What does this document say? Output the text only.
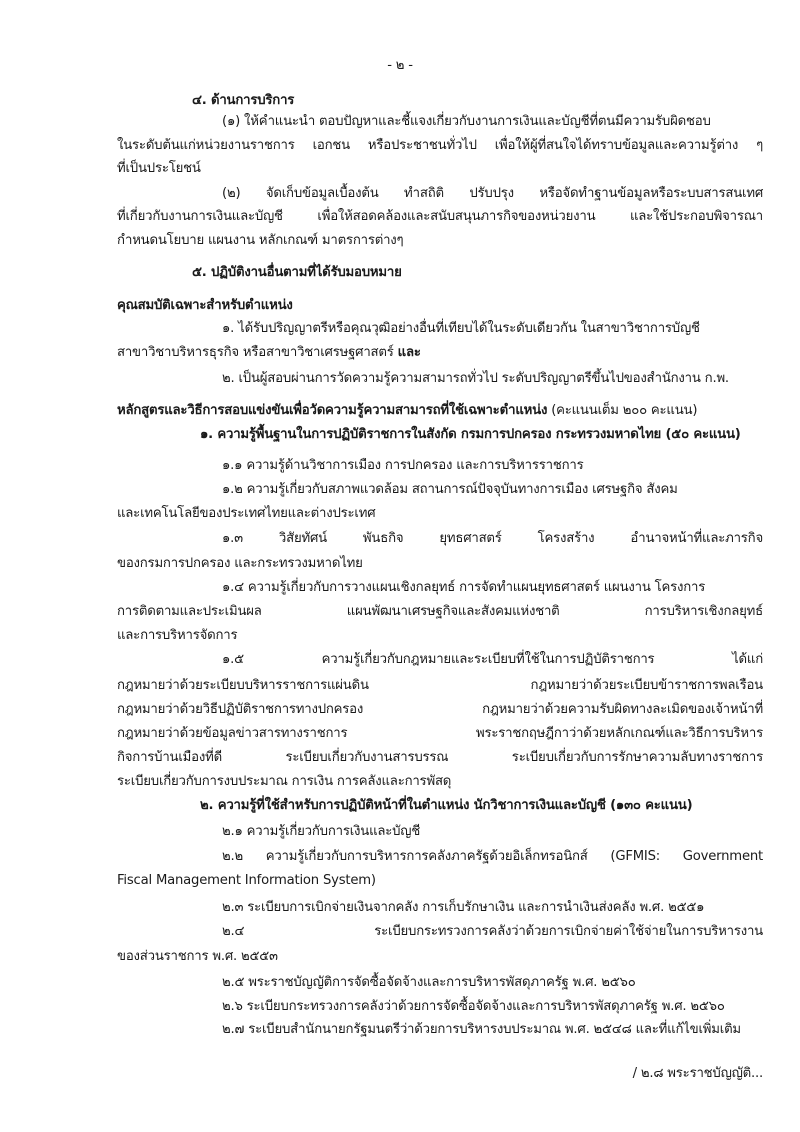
- ๒ -
๔. ด้านการบริการ
(๑) ให้คำแนะนำ ตอบปัญหาและชี้แจงเกี่ยวกับงานการเงินและบัญชีที่ตนมีความรับผิดชอบ
ในระดับต้นแก่หน่วยงานราชการ เอกชน หรือประชาชนทั่วไป เพื่อให้ผู้ที่สนใจได้ทราบข้อมูลและความรู้ต่าง ๆ
ที่เป็นประโยชน์
(๒) จัดเก็บข้อมูลเบื้องต้น ทำสถิติ ปรับปรุง หรือจัดทำฐานข้อมูลหรือระบบสารสนเทศ
ที่เกี่ยวกับงานการเงินและบัญชี เพื่อให้สอดคล้องและสนับสนุนภารกิจของหน่วยงาน และใช้ประกอบพิจารณา
กำหนดนโยบาย แผนงาน หลักเกณฑ์ มาตรการต่างๆ
๕. ปฏิบัติงานอื่นตามที่ได้รับมอบหมาย
คุณสมบัติเฉพาะสำหรับตำแหน่ง
๑. ได้รับปริญญาตรีหรือคุณวุฒิอย่างอื่นที่เทียบได้ในระดับเดียวกัน ในสาขาวิชาการบัญชี
สาขาวิชาบริหารธุรกิจ หรือสาขาวิชาเศรษฐศาสตร์ และ
๒. เป็นผู้สอบผ่านการวัดความรู้ความสามารถทั่วไป ระดับปริญญาตรีขึ้นไปของสำนักงาน ก.พ.
หลักสูตรและวิธีการสอบแข่งขันเพื่อวัดความรู้ความสามารถที่ใช้เฉพาะตำแหน่ง (คะแนนเต็ม ๒๐๐ คะแนน)
๑. ความรู้พื้นฐานในการปฏิบัติราชการในสังกัด กรมการปกครอง กระทรวงมหาดไทย (๕๐ คะแนน)
๑.๑ ความรู้ด้านวิชาการเมือง การปกครอง และการบริหารราชการ
๑.๒ ความรู้เกี่ยวกับสภาพแวดล้อม สถานการณ์ปัจจุบันทางการเมือง เศรษฐกิจ สังคม
และเทคโนโลยีของประเทศไทยและต่างประเทศ
๑.๓ วิสัยทัศน์ พันธกิจ ยุทธศาสตร์ โครงสร้าง อำนาจหน้าที่และภารกิจ
ของกรมการปกครอง และกระทรวงมหาดไทย
๑.๔ ความรู้เกี่ยวกับการวางแผนเชิงกลยุทธ์ การจัดทำแผนยุทธศาสตร์ แผนงาน โครงการ
การติดตามและประเมินผล แผนพัฒนาเศรษฐกิจและสังคมแห่งชาติ การบริหารเชิงกลยุทธ์
และการบริหารจัดการ
๑.๕ ความรู้เกี่ยวกับกฎหมายและระเบียบที่ใช้ในการปฏิบัติราชการ ได้แก่
กฎหมายว่าด้วยระเบียบบริหารราชการแผ่นดิน กฎหมายว่าด้วยระเบียบข้าราชการพลเรือน
กฎหมายว่าด้วยวิธีปฏิบัติราชการทางปกครอง กฎหมายว่าด้วยความรับผิดทางละเมิดของเจ้าหน้าที่
กฎหมายว่าด้วยข้อมูลข่าวสารทางราชการ พระราชกฤษฎีกาว่าด้วยหลักเกณฑ์และวิธีการบริหาร
กิจการบ้านเมืองที่ดี ระเบียบเกี่ยวกับงานสารบรรณ ระเบียบเกี่ยวกับการรักษาความลับทางราชการ
ระเบียบเกี่ยวกับการงบประมาณ การเงิน การคลังและการพัสดุ
๒. ความรู้ที่ใช้สำหรับการปฏิบัติหน้าที่ในตำแหน่ง นักวิชาการเงินและบัญชี (๑๓๐ คะแนน)
๒.๑ ความรู้เกี่ยวกับการเงินและบัญชี
๒.๒ ความรู้เกี่ยวกับการบริหารการคลังภาครัฐด้วยอิเล็กทรอนิกส์ (GFMIS: Government
Fiscal Management Information System)
๒.๓ ระเบียบการเบิกจ่ายเงินจากคลัง การเก็บรักษาเงิน และการนำเงินส่งคลัง พ.ศ. ๒๕๕๑
๒.๔ ระเบียบกระทรวงการคลังว่าด้วยการเบิกจ่ายค่าใช้จ่ายในการบริหารงาน
ของส่วนราชการ พ.ศ. ๒๕๕๓
๒.๕ พระราชบัญญัติการจัดซื้อจัดจ้างและการบริหารพัสดุภาครัฐ พ.ศ. ๒๕๖๐
๒.๖ ระเบียบกระทรวงการคลังว่าด้วยการจัดซื้อจัดจ้างและการบริหารพัสดุภาครัฐ พ.ศ. ๒๕๖๐
๒.๗ ระเบียบสำนักนายกรัฐมนตรีว่าด้วยการบริหารงบประมาณ พ.ศ. ๒๕๔๘ และที่แก้ไขเพิ่มเติม
/ ๒.๘ พระราชบัญญัติ...
